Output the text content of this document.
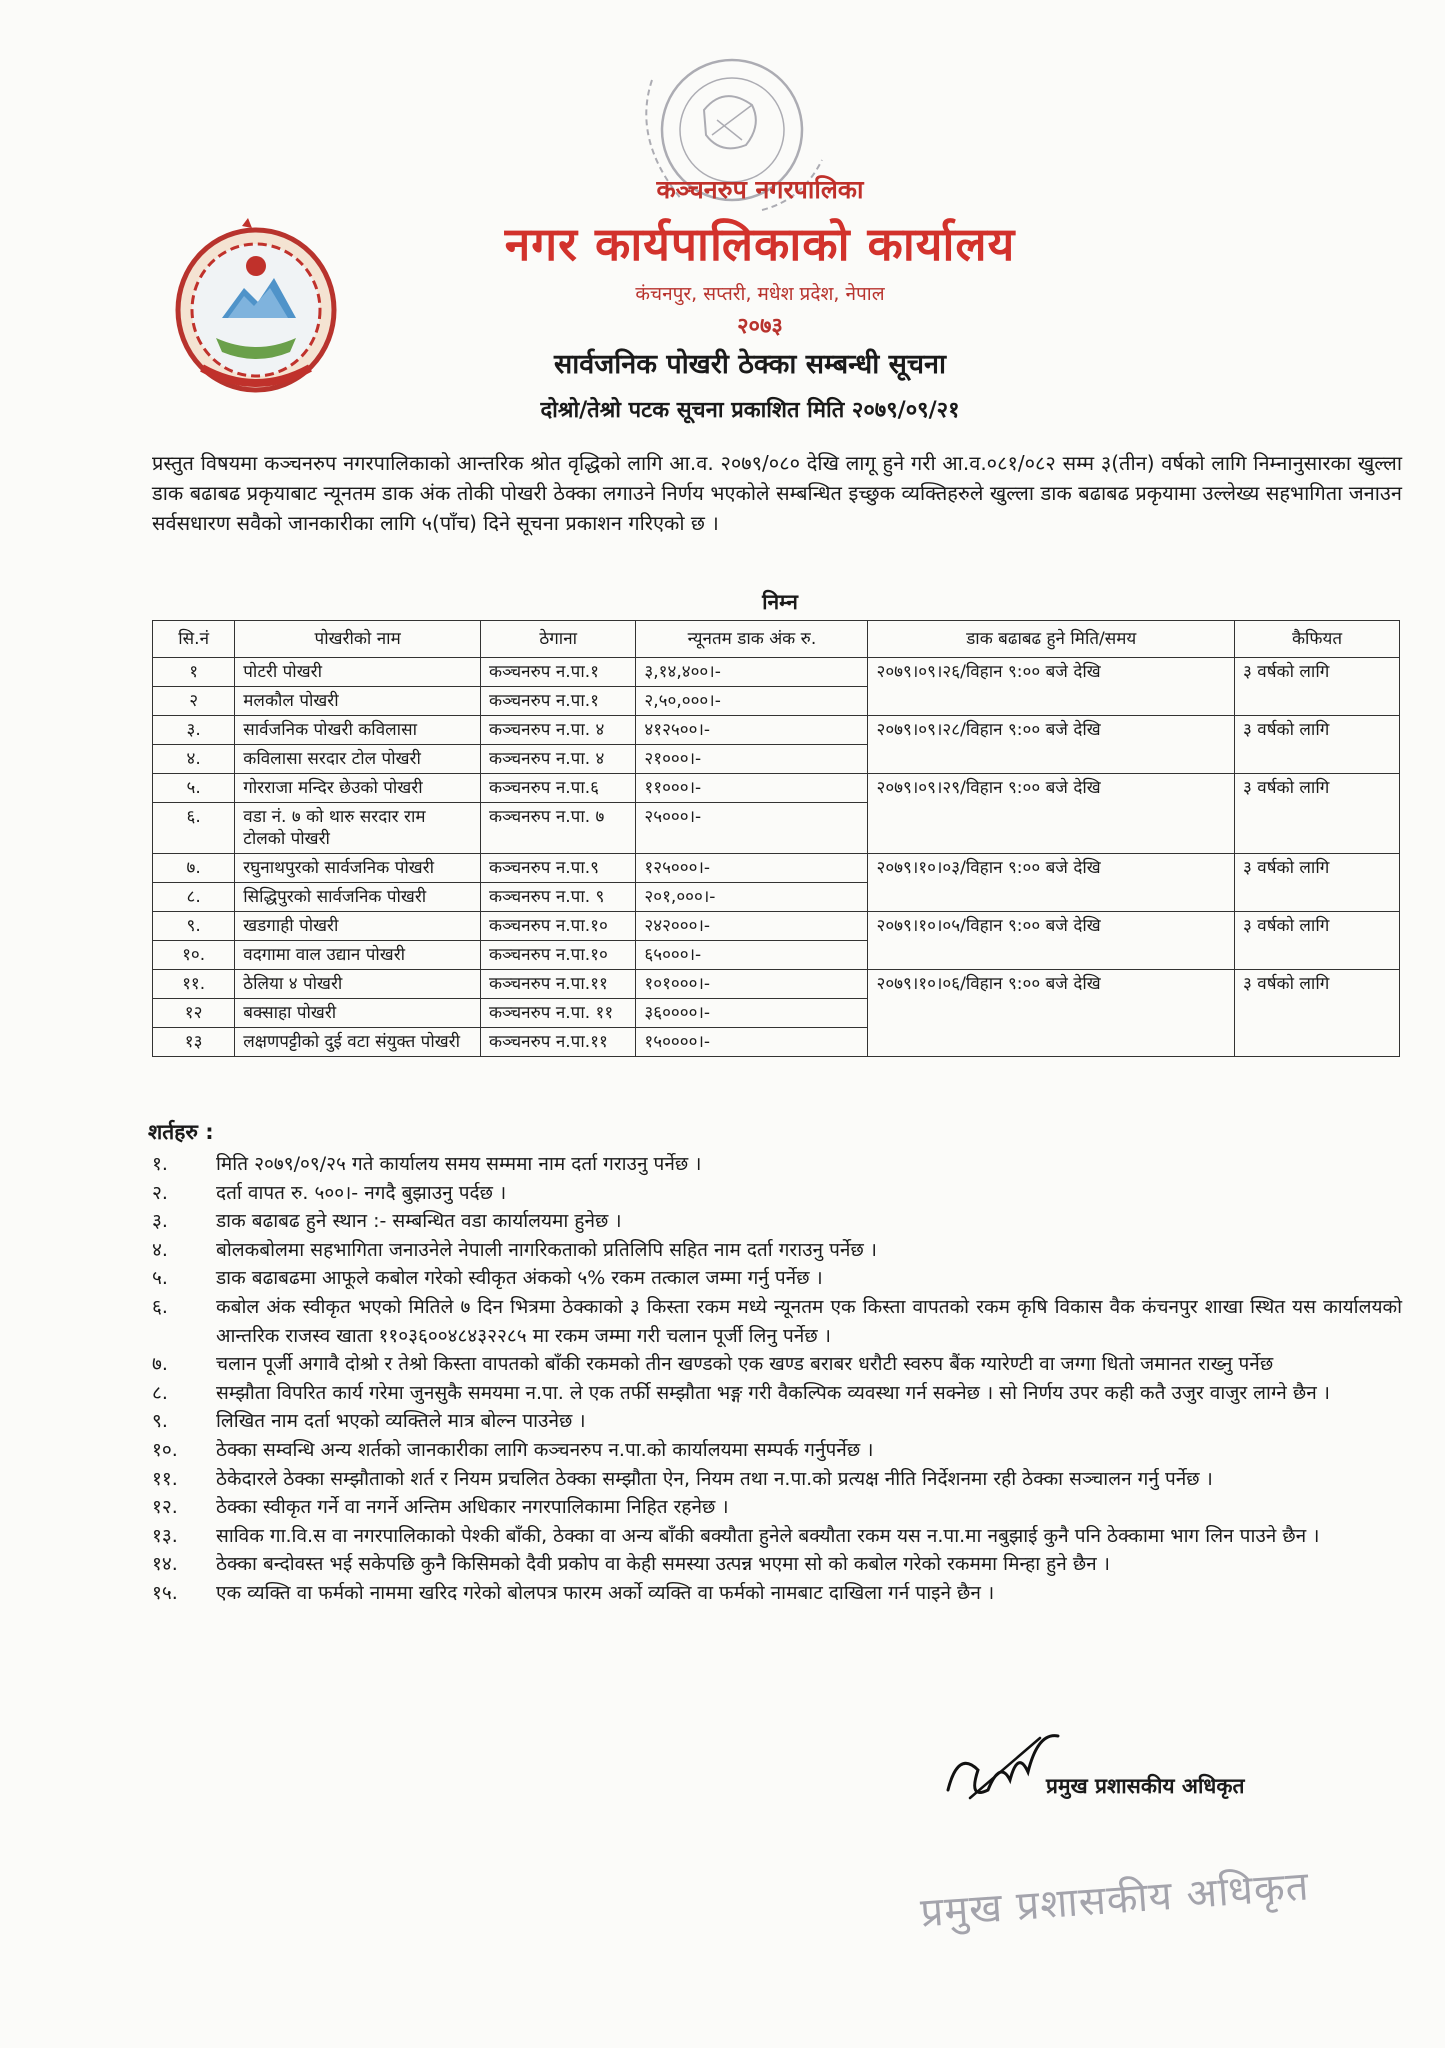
कञ्चनरुप नगरपालिका
नगर कार्यपालिकाको कार्यालय
कंचनपुर, सप्तरी, मधेश प्रदेश, नेपाल
२०७३
सार्वजनिक पोखरी ठेक्का सम्बन्धी सूचना
दोश्रो/तेश्रो पटक सूचना प्रकाशित मिति २०७९/०९/२१
प्रस्तुत विषयमा कञ्चनरुप नगरपालिकाको आन्तरिक श्रोत वृद्धिको लागि आ.व. २०७९/०८० देखि लागू हुने गरी आ.व.०८१/०८२ सम्म ३(तीन) वर्षको लागि निम्नानुसारका खुल्ला डाक बढाबढ प्रकृयाबाट न्यूनतम डाक अंक तोकी पोखरी ठेक्का लगाउने निर्णय भएकोले सम्बन्धित इच्छुक व्यक्तिहरुले खुल्ला डाक बढाबढ प्रकृयामा उल्लेख्य सहभागिता जनाउन सर्वसधारण सवैको जानकारीका लागि ५(पाँच) दिने सूचना प्रकाशन गरिएको छ ।
निम्न
सि.नं	पोखरीको नाम	ठेगाना	न्यूनतम डाक अंक रु.	डाक बढाबढ हुने मिति/समय	कैफियत
१	पोटरी पोखरी	कञ्चनरुप न.पा.१	३,१४,४००।-	२०७९।०९।२६/विहान ९:०० बजे देखि	३ वर्षको लागि
२	मलकौल पोखरी	कञ्चनरुप न.पा.१	२,५०,०००।-		
३.	सार्वजनिक पोखरी कविलासा	कञ्चनरुप न.पा. ४	४१२५००।-	२०७९।०९।२८/विहान ९:०० बजे देखि	३ वर्षको लागि
४.	कविलासा सरदार टोल पोखरी	कञ्चनरुप न.पा. ४	२१०००।-		
५.	गोरराजा मन्दिर छेउको पोखरी	कञ्चनरुप न.पा.६	११०००।-	२०७९।०९।२९/विहान ९:०० बजे देखि	३ वर्षको लागि
६.	वडा नं. ७ को थारु सरदार राम टोलको पोखरी	कञ्चनरुप न.पा. ७	२५०००।-		
७.	रघुनाथपुरको सार्वजनिक पोखरी	कञ्चनरुप न.पा.९	१२५०००।-	२०७९।१०।०३/विहान ९:०० बजे देखि	३ वर्षको लागि
८.	सिद्धिपुरको सार्वजनिक पोखरी	कञ्चनरुप न.पा. ९	२०१,०००।-		
९.	खडगाही पोखरी	कञ्चनरुप न.पा.१०	२४२०००।-	२०७९।१०।०५/विहान ९:०० बजे देखि	३ वर्षको लागि
१०.	वदगामा वाल उद्यान पोखरी	कञ्चनरुप न.पा.१०	६५०००।-		
११.	ठेलिया ४ पोखरी	कञ्चनरुप न.पा.११	१०१०००।-	२०७९।१०।०६/विहान ९:०० बजे देखि	३ वर्षको लागि
१२	बक्साहा पोखरी	कञ्चनरुप न.पा. ११	३६००००।-		
१३	लक्षणपट्टीको दुई वटा संयुक्त पोखरी	कञ्चनरुप न.पा.११	१५००००।-		
शर्तहरु :
१.	मिति २०७९/०९/२५ गते कार्यालय समय सम्ममा नाम दर्ता गराउनु पर्नेछ ।
२.	दर्ता वापत रु. ५००।- नगदै बुझाउनु पर्दछ ।
३.	डाक बढाबढ हुने स्थान :- सम्बन्धित वडा कार्यालयमा हुनेछ ।
४.	बोलकबोलमा सहभागिता जनाउनेले नेपाली नागरिकताको प्रतिलिपि सहित नाम दर्ता गराउनु पर्नेछ ।
५.	डाक बढाबढमा आफूले कबोल गरेको स्वीकृत अंकको ५% रकम तत्काल जम्मा गर्नु पर्नेछ ।
६.	कबोल अंक स्वीकृत भएको मितिले ७ दिन भित्रमा ठेक्काको ३ किस्ता रकम मध्ये न्यूनतम एक किस्ता वापतको रकम कृषि विकास वैक कंचनपुर शाखा स्थित यस कार्यालयको आन्तरिक राजस्व खाता ११०३६००४८४३२२८५ मा रकम जम्मा गरी चलान पूर्जी लिनु पर्नेछ ।
७.	चलान पूर्जी अगावै दोश्रो र तेश्रो किस्ता वापतको बाँकी रकमको तीन खण्डको एक खण्ड बराबर धरौटी स्वरुप बैंक ग्यारेण्टी वा जग्गा धितो जमानत राख्नु पर्नेछ
८.	सम्झौता विपरित कार्य गरेमा जुनसुकै समयमा न.पा. ले एक तर्फी सम्झौता भङ्ग गरी वैकल्पिक व्यवस्था गर्न सक्नेछ । सो निर्णय उपर कही कतै उजुर वाजुर लाग्ने छैन ।
९.	लिखित नाम दर्ता भएको व्यक्तिले मात्र बोल्न पाउनेछ ।
१०.	ठेक्का सम्वन्धि अन्य शर्तको जानकारीका लागि कञ्चनरुप न.पा.को कार्यालयमा सम्पर्क गर्नुपर्नेछ ।
११.	ठेकेदारले ठेक्का सम्झौताको शर्त र नियम प्रचलित ठेक्का सम्झौता ऐन, नियम तथा न.पा.को प्रत्यक्ष नीति निर्देशनमा रही ठेक्का सञ्चालन गर्नु पर्नेछ ।
१२.	ठेक्का स्वीकृत गर्ने वा नगर्ने अन्तिम अधिकार नगरपालिकामा निहित रहनेछ ।
१३.	साविक गा.वि.स वा नगरपालिकाको पेश्की बाँकी, ठेक्का वा अन्य बाँकी बक्यौता हुनेले बक्यौता रकम यस न.पा.मा नबुझाई कुनै पनि ठेक्कामा भाग लिन पाउने छैन ।
१४.	ठेक्का बन्दोवस्त भई सकेपछि कुनै किसिमको दैवी प्रकोप वा केही समस्या उत्पन्न भएमा सो को कबोल गरेको रकममा मिन्हा हुने छैन ।
१५.	एक व्यक्ति वा फर्मको नाममा खरिद गरेको बोलपत्र फारम अर्को व्यक्ति वा फर्मको नामबाट दाखिला गर्न पाइने छैन ।
प्रमुख प्रशासकीय अधिकृत
प्रमुख प्रशासकीय अधिकृत
